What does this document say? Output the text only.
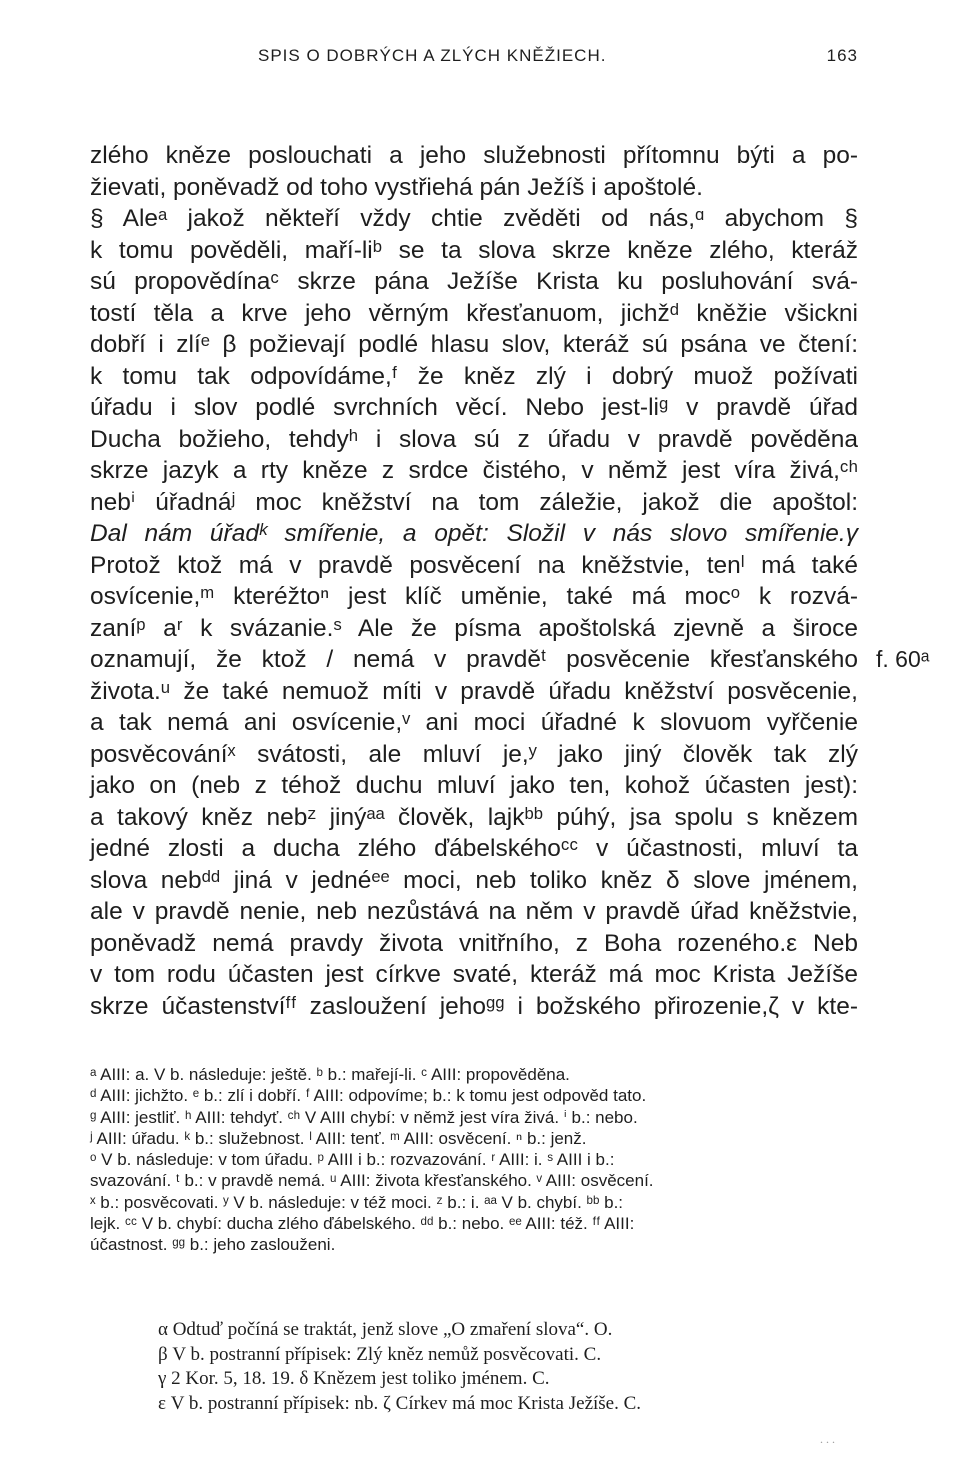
SPIS O DOBRÝCH A ZLÝCH KNĚŽIECH.	163
zlého kněze poslouchati a jeho služebnosti přítomnu býti a po-
žievati, poněvadž od toho vystřiehá pán Ježíš i apoštolé.
§ Aleᵃ jakož někteří vždy chtie zvěděti od nás,ᵅ abychom §
k tomu pověděli, maří-liᵇ se ta slova skrze kněze zlého, kteráž
sú propovědínaᶜ skrze pána Ježíše Krista ku posluhování svá-
tostí těla a krve jeho věrným křesťanuom, jichžᵈ kněžie všickni
dobří i zlíᵉ β požievají podlé hlasu slov, kteráž sú psána ve čtení:
k tomu tak odpovídáme,ᶠ že kněz zlý i dobrý muož požívati
úřadu i slov podlé svrchních věcí. Nebo jest-liᵍ v pravdě úřad
Ducha božieho, tehdyʰ i slova sú z úřadu v pravdě pověděna
skrze jazyk a rty kněze z srdce čistého, v němž jest víra živá,ᶜʰ
nebⁱ úřadnáʲ moc kněžství na tom záležie, jakož die apoštol:
Dal nám úřadᵏ smířenie, a opět: Složil v nás slovo smířenie.γ
Protož ktož má v pravdě posvěcení na kněžstvie, tenˡ má také
osvícenie,ᵐ kteréžtoⁿ jest klíč uměnie, také má mocᵒ k rozvá-
zaníᵖ aʳ k svázanie.ˢ Ale že písma apoštolská zjevně a široce
oznamují, že ktož / nemá v pravděᵗ posvěcenie křesťanského
života.ᵘ že také nemuož míti v pravdě úřadu kněžství posvěcenie,
a tak nemá ani osvícenie,ᵛ ani moci úřadné k slovuom vyřčenie
posvěcováníˣ svátosti, ale mluví je,ʸ jako jiný člověk tak zlý
jako on (neb z téhož duchu mluví jako ten, kohož účasten jest):
a takový kněz nebᶻ jinýᵃᵃ člověk, lajkᵇᵇ púhý, jsa spolu s knězem
jedné zlosti a ducha zlého ďábelskéhoᶜᶜ v účastnosti, mluví ta
slova nebᵈᵈ jiná v jednéᵉᵉ moci, neb toliko kněz δ slove jménem,
ale v pravdě nenie, neb nezůstává na něm v pravdě úřad kněžstvie,
poněvadž nemá pravdy života vnitřního, z Boha rozeného.ε Neb
v tom rodu účasten jest církve svaté, kteráž má moc Krista Ježíše
skrze účastenstvíᶠᶠ zasloužení jehoᵍᵍ i božského přirozenie,ζ v kte-
f. 60ᵃ
ᵃ AIII: a. V b. následuje: ještě. ᵇ b.: mařejí-li. ᶜ AIII: propověděna.
ᵈ AIII: jichžto. ᵉ b.: zlí i dobří. ᶠ AIII: odpovíme; b.: k tomu jest odpověd tato.
ᵍ AIII: jestliť. ʰ AIII: tehdyť. ᶜʰ V AIII chybí: v němž jest víra živá. ⁱ b.: nebo.
ʲ AIII: úřadu. ᵏ b.: služebnost. ˡ AIII: tenť. ᵐ AIII: osvěcení. ⁿ b.: jenž.
ᵒ V b. následuje: v tom úřadu. ᵖ AIII i b.: rozvazování. ʳ AIII: i. ˢ AIII i b.:
svazování. ᵗ b.: v pravdě nemá. ᵘ AIII: života křesťanského. ᵛ AIII: osvěcení.
ˣ b.: posvěcovati. ʸ V b. následuje: v též moci. ᶻ b.: i. ᵃᵃ V b. chybí. ᵇᵇ b.:
lejk. ᶜᶜ V b. chybí: ducha zlého ďábelského. ᵈᵈ b.: nebo. ᵉᵉ AIII: též. ᶠᶠ AIII:
účastnost. ᵍᵍ b.: jeho zaslouženi.
α Odtuď počíná se traktát, jenž slove „O zmaření slova“. O.
β V b. postranní přípisek: Zlý kněz nemůž posvěcovati. C.
γ 2 Kor. 5, 18. 19. δ Knězem jest toliko jménem. C.
ε V b. postranní přípisek: nb. ζ Církev má moc Krista Ježíše. C.
. . .
